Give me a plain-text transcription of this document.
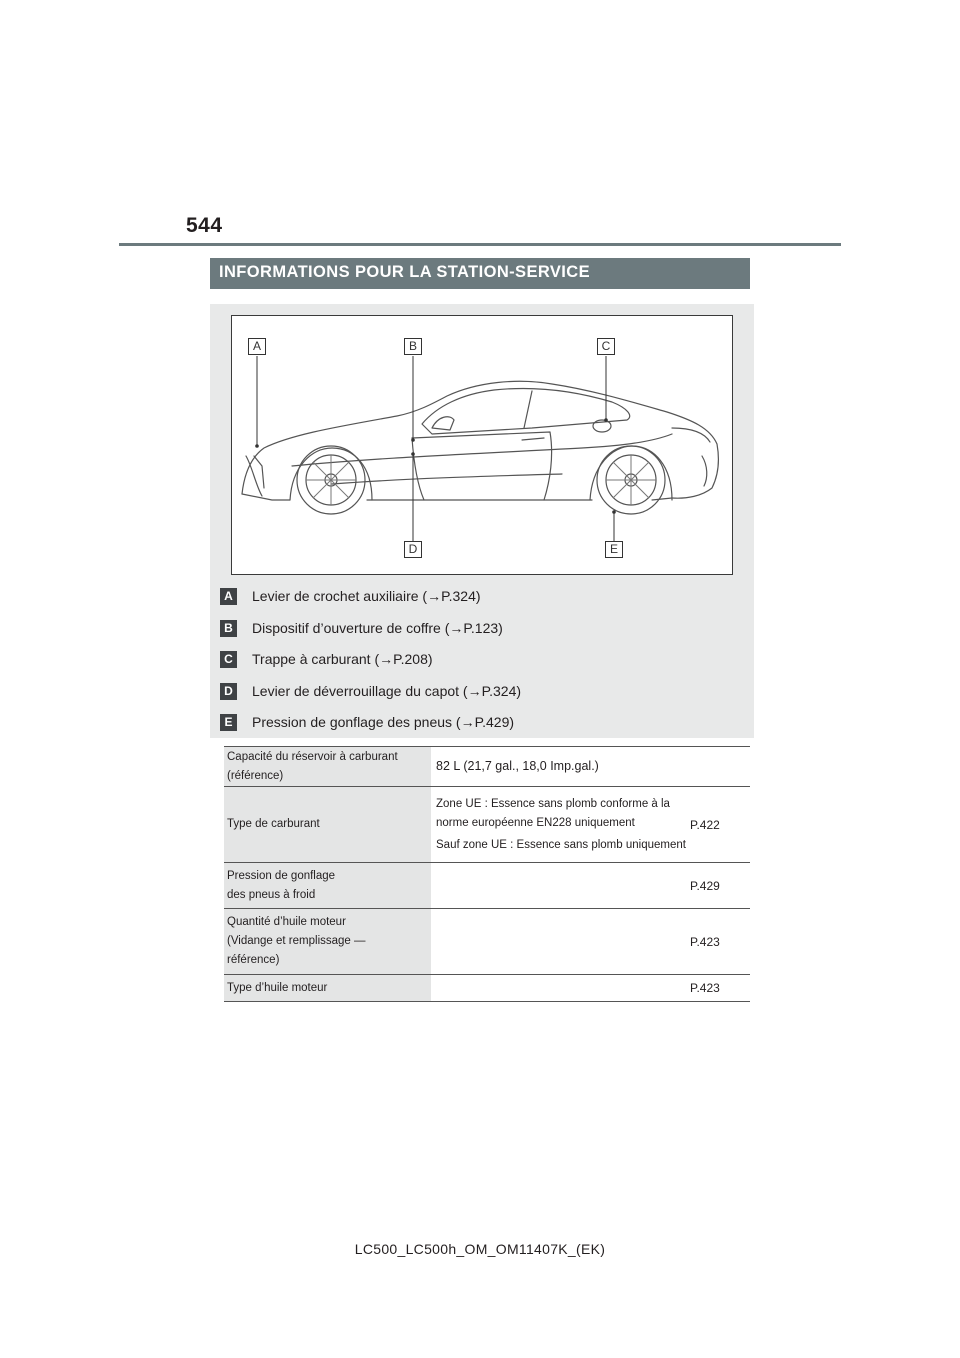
544
INFORMATIONS POUR LA STATION-SERVICE
A	B	C
D	E
A Levier de crochet auxiliaire (→P.324)
B Dispositif d’ouverture de coffre (→P.123)
C Trappe à carburant (→P.208)
D Levier de déverrouillage du capot (→P.324)
E	Pression de gonflage des pneus (→P.429)
Capacité du réservoir à carburant
(référence)	82 L (21,7 gal., 18,0 Imp.gal.)	

Type de carburant	Zone UE : Essence sans plomb conforme à la
norme européenne EN228 uniquement
Sauf zone UE : Essence sans plomb uniquement	P.422

Pression de gonflage
des pneus à froid		P.429

Quantité d’huile moteur
(Vidange et remplissage —
référence)		P.423

Type d’huile moteur		P.423
LC500_LC500h_OM_OM11407K_(EK)
